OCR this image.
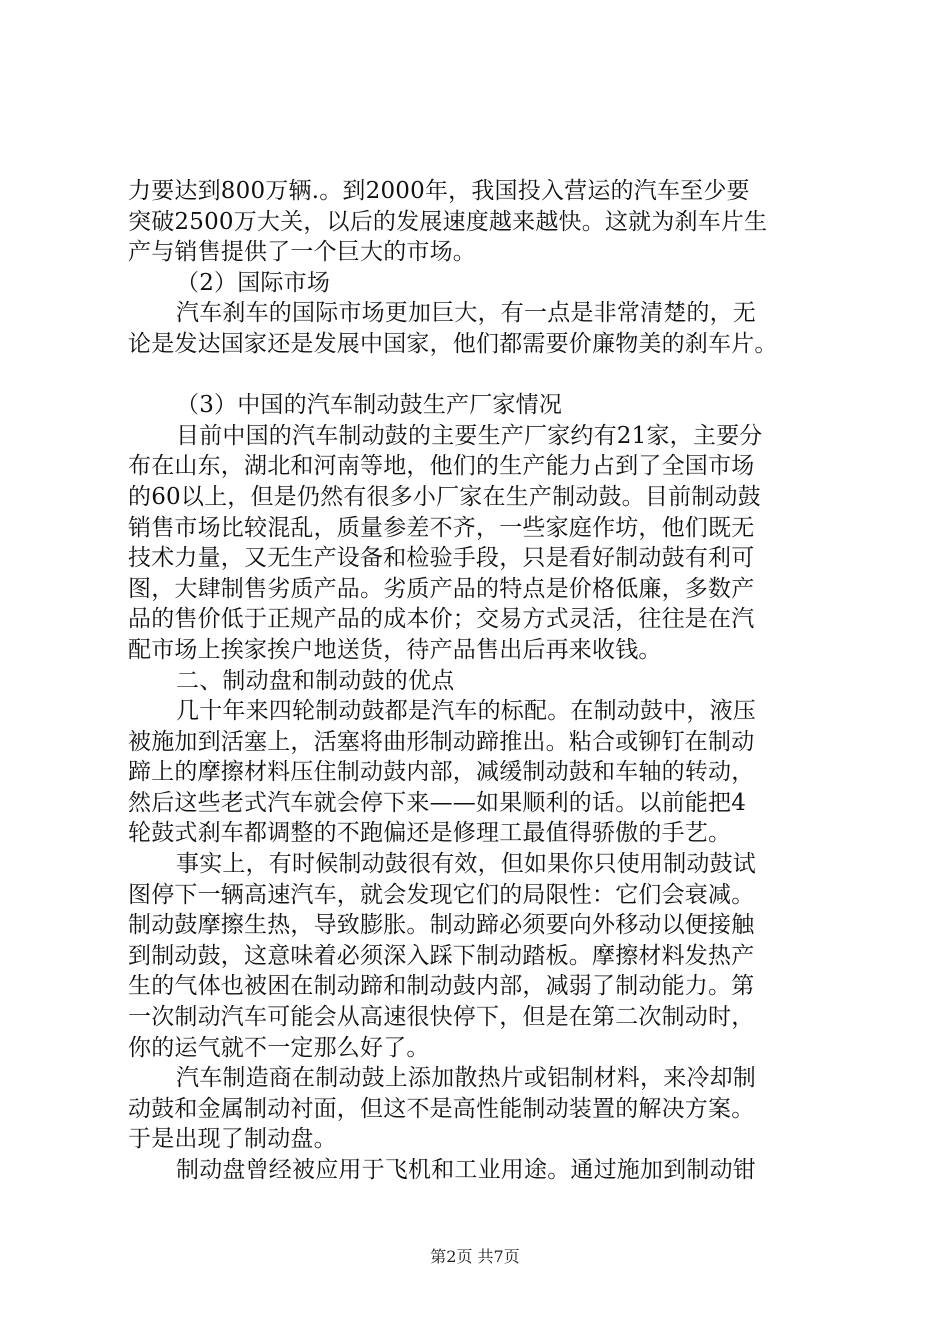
力要达到800万辆.。到2000年，我国投入营运的汽车至少要
突破2500万大关，以后的发展速度越来越快。这就为刹车片生
产与销售提供了一个巨大的市场。
（2）国际市场
汽车刹车的国际市场更加巨大，有一点是非常清楚的，无
论是发达国家还是发展中国家，他们都需要价廉物美的刹车片。
（3）中国的汽车制动鼓生产厂家情况
目前中国的汽车制动鼓的主要生产厂家约有21家，主要分
布在山东，湖北和河南等地，他们的生产能力占到了全国市场
的60以上，但是仍然有很多小厂家在生产制动鼓。目前制动鼓
销售市场比较混乱，质量参差不齐，一些家庭作坊，他们既无
技术力量，又无生产设备和检验手段，只是看好制动鼓有利可
图，大肆制售劣质产品。劣质产品的特点是价格低廉，多数产
品的售价低于正规产品的成本价；交易方式灵活，往往是在汽
配市场上挨家挨户地送货，待产品售出后再来收钱。
二、制动盘和制动鼓的优点
几十年来四轮制动鼓都是汽车的标配。在制动鼓中，液压
被施加到活塞上，活塞将曲形制动蹄推出。粘合或铆钉在制动
蹄上的摩擦材料压住制动鼓内部，减缓制动鼓和车轴的转动，
然后这些老式汽车就会停下来——如果顺利的话。以前能把4
轮鼓式刹车都调整的不跑偏还是修理工最值得骄傲的手艺。
事实上，有时候制动鼓很有效，但如果你只使用制动鼓试
图停下一辆高速汽车，就会发现它们的局限性：它们会衰减。
制动鼓摩擦生热，导致膨胀。制动蹄必须要向外移动以便接触
到制动鼓，这意味着必须深入踩下制动踏板。摩擦材料发热产
生的气体也被困在制动蹄和制动鼓内部，减弱了制动能力。第
一次制动汽车可能会从高速很快停下，但是在第二次制动时，
你的运气就不一定那么好了。
汽车制造商在制动鼓上添加散热片或铝制材料，来冷却制
动鼓和金属制动衬面，但这不是高性能制动装置的解决方案。
于是出现了制动盘。
制动盘曾经被应用于飞机和工业用途。通过施加到制动钳
第2页 共7页
